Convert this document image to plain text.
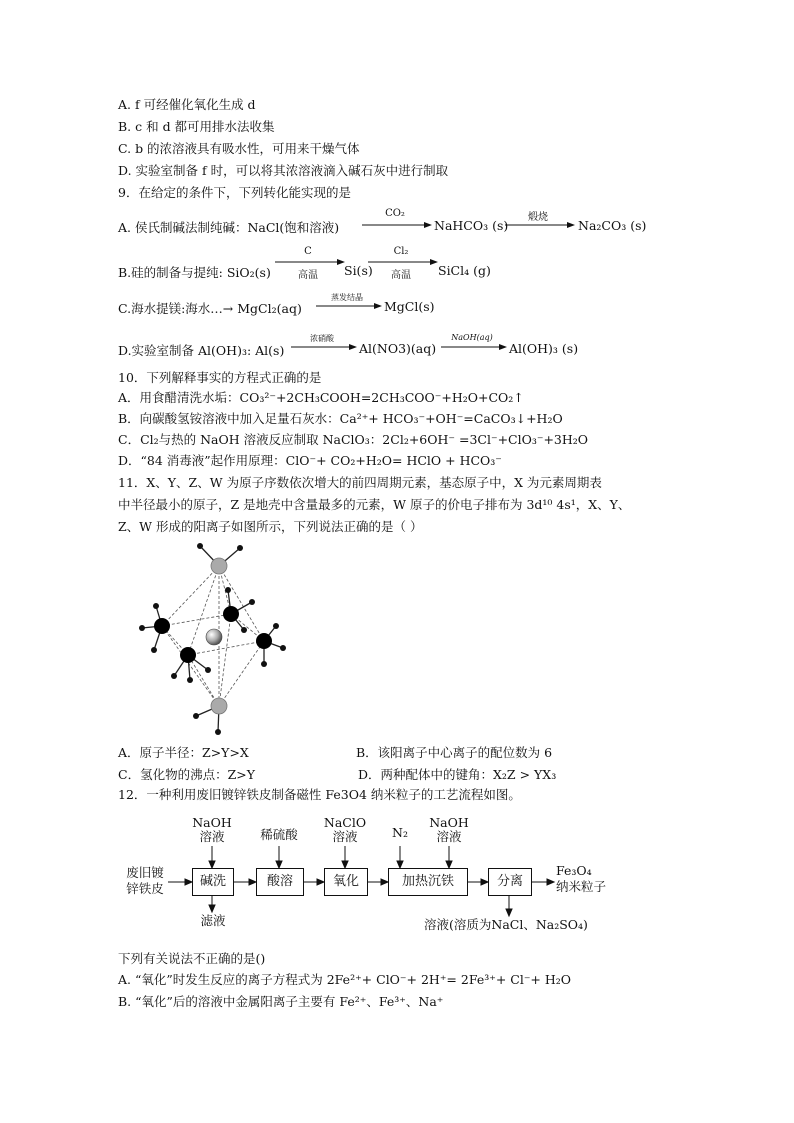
A. f 可经催化氧化生成 d
B. c 和 d 都可用排水法收集
C. b 的浓溶液具有吸水性，可用来干燥气体
D. 实验室制备 f 时，可以将其浓溶液滴入碱石灰中进行制取
9．在给定的条件下，下列转化能实现的是
A. 侯氏制碱法制纯碱：NaCl(饱和溶液)
CO₂
NaHCO₃ (s)
煅烧
Na₂CO₃ (s)
B.硅的制备与提纯: SiO₂(s)
C
高温	Si(s)
Cl₂
高温	SiCl₄ (g)
C.海水提镁:海水…→ MgCl₂(aq)
蒸发结晶
MgCl(s)
D.实验室制备 Al(OH)₃: Al(s)
浓硝酸
Al(NO3)(aq)
NaOH(aq)
Al(OH)₃ (s)
10．下列解释事实的方程式正确的是
A．用食醋清洗水垢：CO₃²⁻+2CH₃COOH=2CH₃COO⁻+H₂O+CO₂↑
B．向碳酸氢铵溶液中加入足量石灰水：Ca²⁺+ HCO₃⁻+OH⁻=CaCO₃↓+H₂O
C．Cl₂与热的 NaOH 溶液反应制取 NaClO₃：2Cl₂+6OH⁻ =3Cl⁻+ClO₃⁻+3H₂O
D．“84 消毒液”起作用原理：ClO⁻+ CO₂+H₂O= HClO + HCO₃⁻
11．X、Y、Z、W 为原子序数依次增大的前四周期元素，基态原子中，X 为元素周期表
中半径最小的原子，Z 是地壳中含量最多的元素，W 原子的价电子排布为 3d¹⁰ 4s¹，X、Y、
Z、W 形成的阳离子如图所示，下列说法正确的是（ ）
A．原子半径：Z>Y>X	B．该阳离子中心离子的配位数为 6
C．氢化物的沸点：Z>Y	D．两种配体中的键角：X₂Z > YX₃
12．一种利用废旧镀锌铁皮制备磁性 Fe3O4 纳米粒子的工艺流程如图。
废旧镀
锌铁皮	碱洗	酸溶	氧化	加热沉铁	分离
NaOH
溶液	稀硫酸
NaClO
溶液	N₂
NaOH
溶液
滤液	溶液(溶质为NaCl、Na₂SO₄)
Fe₃O₄
纳米粒子
下列有关说法不正确的是()
A. “氧化”时发生反应的离子方程式为 2Fe²⁺+ ClO⁻+ 2H⁺= 2Fe³⁺+ Cl⁻+ H₂O
B. “氧化”后的溶液中金属阳离子主要有 Fe²⁺、Fe³⁺、Na⁺
